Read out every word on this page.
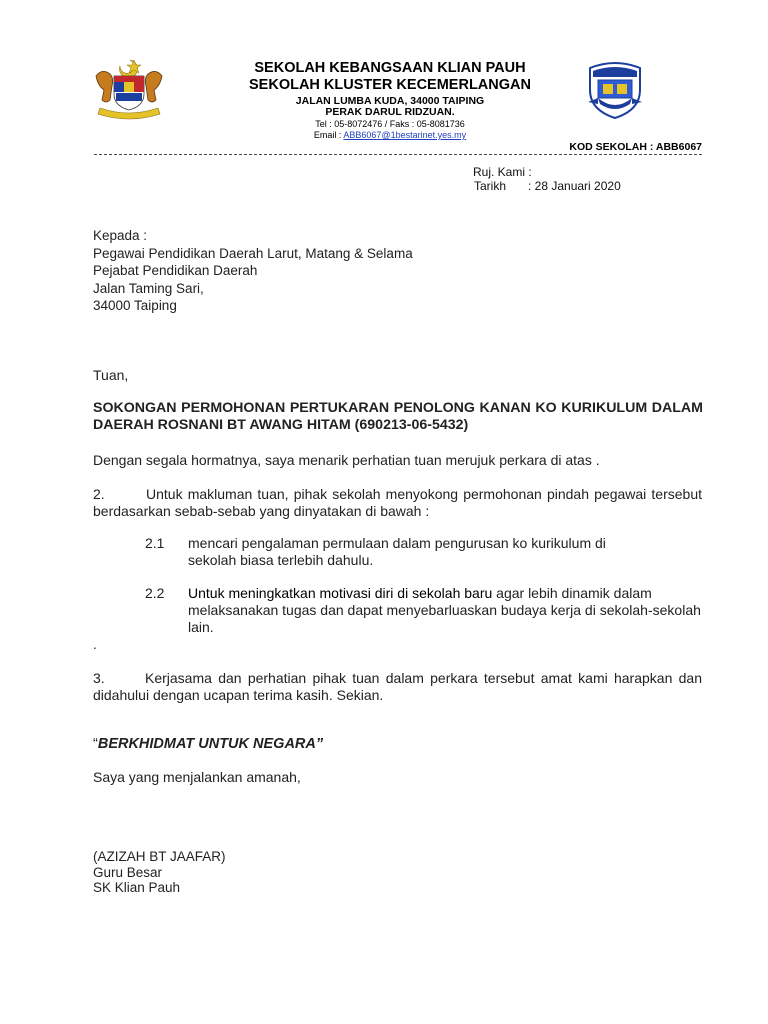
SEKOLAH KEBANGSAAN KLIAN PAUH
SEKOLAH KLUSTER KECEMERLANGAN
JALAN LUMBA KUDA, 34000 TAIPING
PERAK DARUL RIDZUAN.
Tel : 05-8072476 / Faks : 05-8081736
Email : ABB6067@1bestarinet.yes.my
KOD SEKOLAH : ABB6067
Ruj. Kami :
Tarikh : 28 Januari 2020
Kepada :
Pegawai Pendidikan Daerah Larut, Matang & Selama
Pejabat Pendidikan Daerah
Jalan Taming Sari,
34000 Taiping
Tuan,
SOKONGAN PERMOHONAN PERTUKARAN PENOLONG KANAN KO KURIKULUM DALAM DAERAH ROSNANI BT AWANG HITAM (690213-06-5432)
Dengan segala hormatnya, saya menarik perhatian tuan merujuk perkara di atas .
2.	Untuk makluman tuan, pihak sekolah menyokong permohonan pindah pegawai tersebut berdasarkan sebab-sebab yang dinyatakan di bawah :
2.1 mencari pengalaman permulaan dalam pengurusan ko kurikulum di sekolah biasa terlebih dahulu.
2.2 Untuk meningkatkan motivasi diri di sekolah baru agar lebih dinamik dalam melaksanakan tugas dan dapat menyebarluaskan budaya kerja di sekolah-sekolah lain.
.
3.	Kerjasama dan perhatian pihak tuan dalam perkara tersebut amat kami harapkan dan didahului dengan ucapan terima kasih. Sekian.
“BERKHIDMAT UNTUK NEGARA”
Saya yang menjalankan amanah,
(AZIZAH BT JAAFAR)
Guru Besar
SK Klian Pauh
